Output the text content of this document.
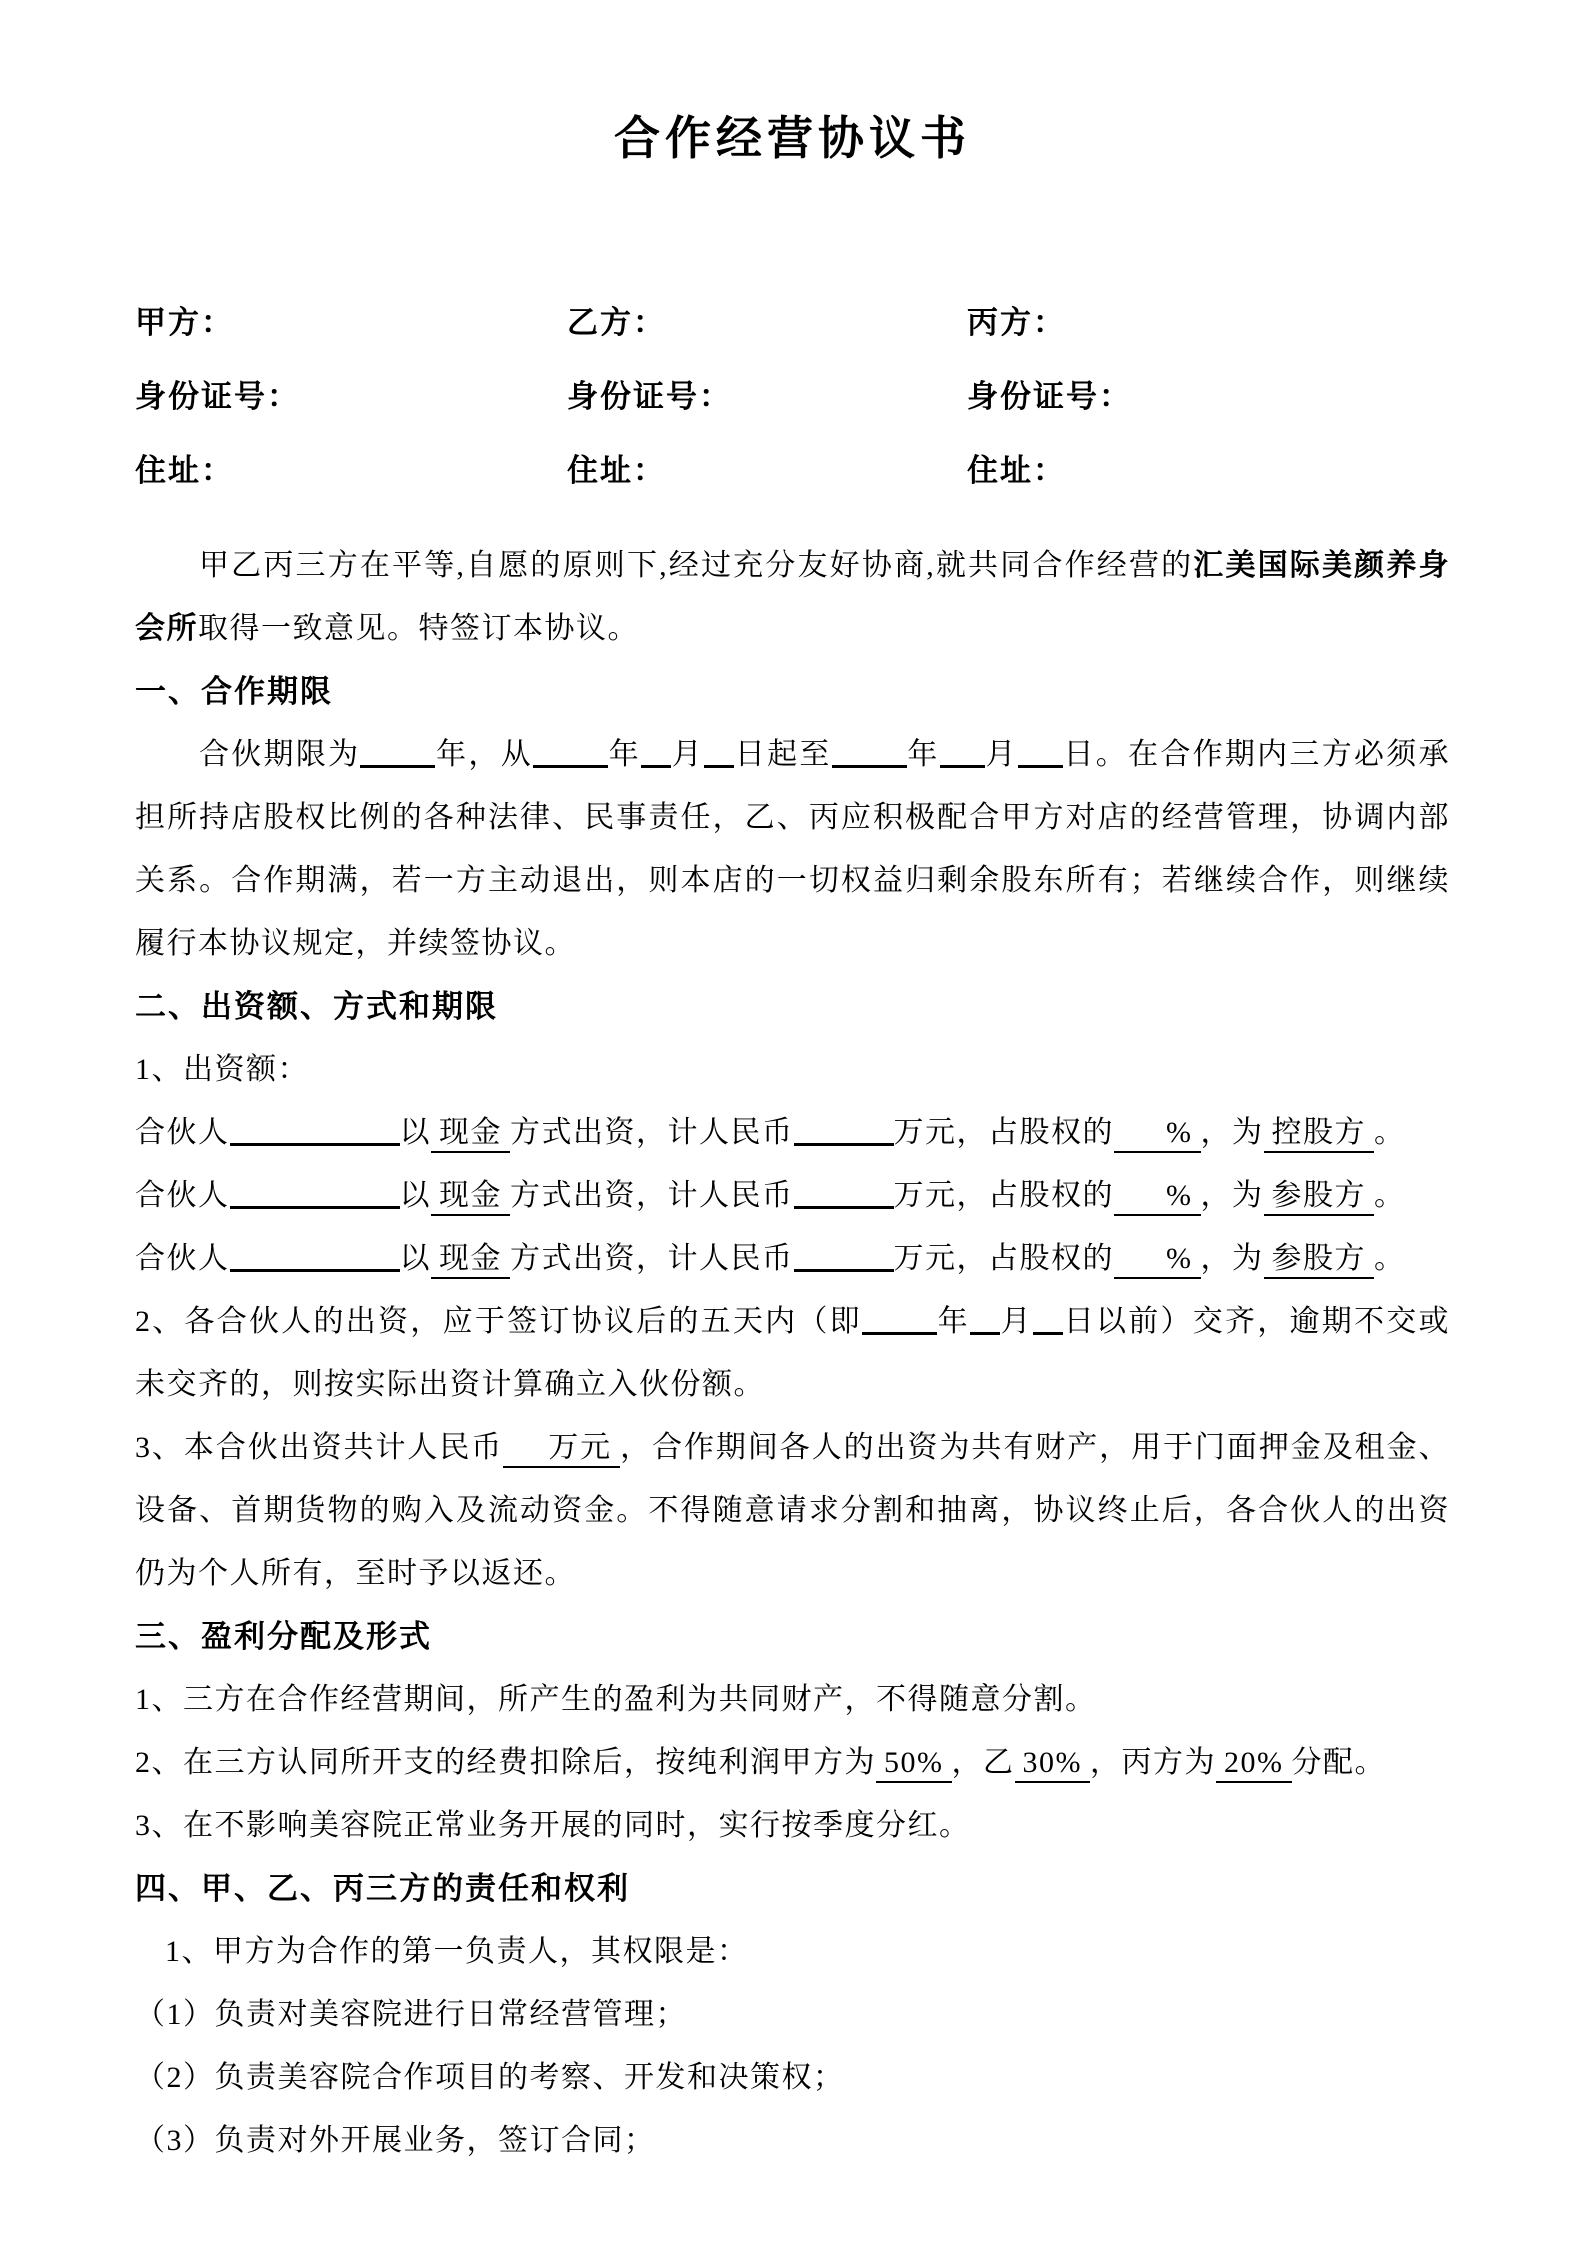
合作经营协议书
甲方：	乙方：	丙方：
身份证号：	身份证号：	身份证号：
住址：	住址：	住址：

甲乙丙三方在平等,自愿的原则下,经过充分友好协商,就共同合作经营的汇美国际美颜养身会所取得一致意见。特签订本协议。

一、合作期限

合伙期限为	年，从	年 月 日起至	年 月 日。在合作期内三方必须承担所持店股权比例的各种法律、民事责任，乙、丙应积极配合甲方对店的经营管理，协调内部关系。合作期满，若一方主动退出，则本店的一切权益归剩余股东所有；若继续合作，则继续履行本协议规定，并续签协议。

二、出资额、方式和期限

1、出资额：

合伙人	以 现金 方式出资，计人民币	万元，占股权的 % ，为 控股方 。

合伙人	以 现金 方式出资，计人民币	万元，占股权的 % ，为 参股方 。

合伙人	以 现金 方式出资，计人民币	万元，占股权的 % ，为 参股方 。

2、各合伙人的出资，应于签订协议后的五天内（即	年 月 日以前）交齐，逾期不交或未交齐的，则按实际出资计算确立入伙份额。

3、本合伙出资共计人民币 万元 ，合作期间各人的出资为共有财产，用于门面押金及租金、设备、首期货物的购入及流动资金。不得随意请求分割和抽离，协议终止后，各合伙人的出资仍为个人所有，至时予以返还。

三、盈利分配及形式

1、三方在合作经营期间，所产生的盈利为共同财产，不得随意分割。

2、在三方认同所开支的经费扣除后，按纯利润甲方为 50% ，乙 30% ，丙方为 20% 分配。

3、在不影响美容院正常业务开展的同时，实行按季度分红。

四、甲、乙、丙三方的责任和权利

1、甲方为合作的第一负责人，其权限是：

（1）负责对美容院进行日常经营管理；

（2）负责美容院合作项目的考察、开发和决策权；

（3）负责对外开展业务，签订合同；
